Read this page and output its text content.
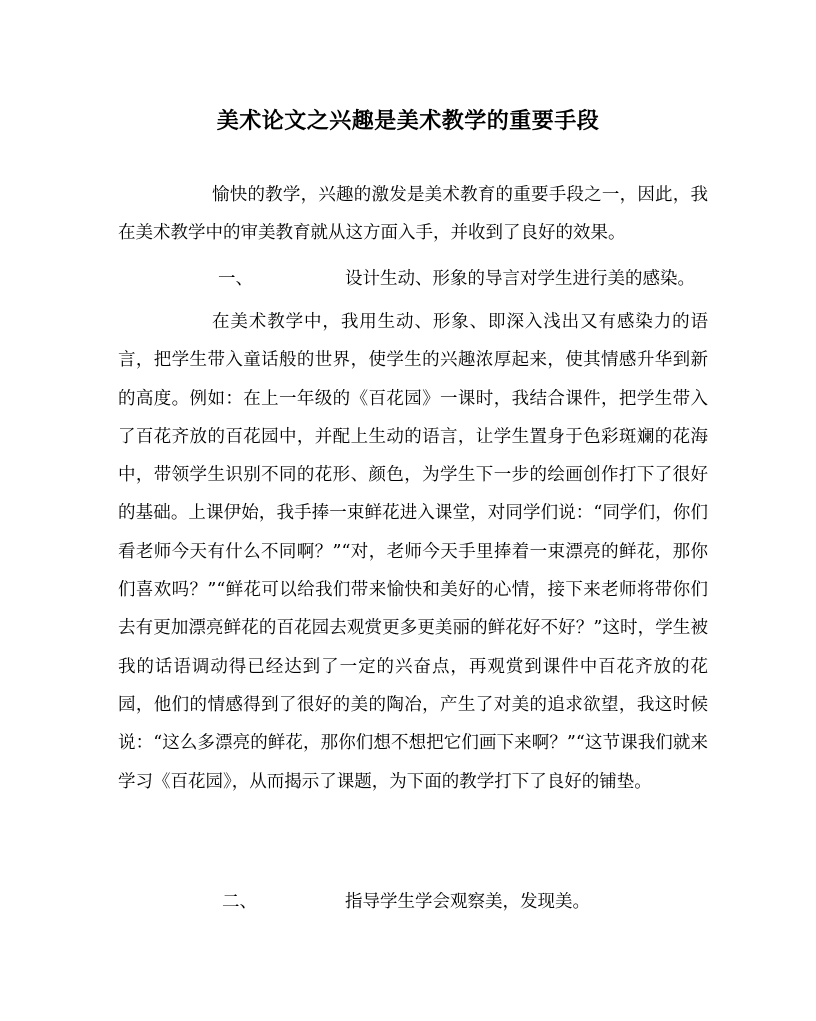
美术论文之兴趣是美术教学的重要手段
愉快的教学，兴趣的激发是美术教育的重要手段之一，因此，我在美术教学中的审美教育就从这方面入手，并收到了良好的效果。
一、	设计生动、形象的导言对学生进行美的感染。
在美术教学中，我用生动、形象、即深入浅出又有感染力的语言，把学生带入童话般的世界，使学生的兴趣浓厚起来，使其情感升华到新的高度。例如：在上一年级的《百花园》一课时，我结合课件，把学生带入了百花齐放的百花园中，并配上生动的语言，让学生置身于色彩斑斓的花海中，带领学生识别不同的花形、颜色，为学生下一步的绘画创作打下了很好的基础。上课伊始，我手捧一束鲜花进入课堂，对同学们说：“同学们，你们看老师今天有什么不同啊？”“对，老师今天手里捧着一束漂亮的鲜花，那你们喜欢吗？”“鲜花可以给我们带来愉快和美好的心情，接下来老师将带你们去有更加漂亮鲜花的百花园去观赏更多更美丽的鲜花好不好？”这时，学生被我的话语调动得已经达到了一定的兴奋点，再观赏到课件中百花齐放的花园，他们的情感得到了很好的美的陶冶，产生了对美的追求欲望，我这时候说：“这么多漂亮的鲜花，那你们想不想把它们画下来啊？”“这节课我们就来学习《百花园》，从而揭示了课题，为下面的教学打下了良好的铺垫。
二、	指导学生学会观察美，发现美。
